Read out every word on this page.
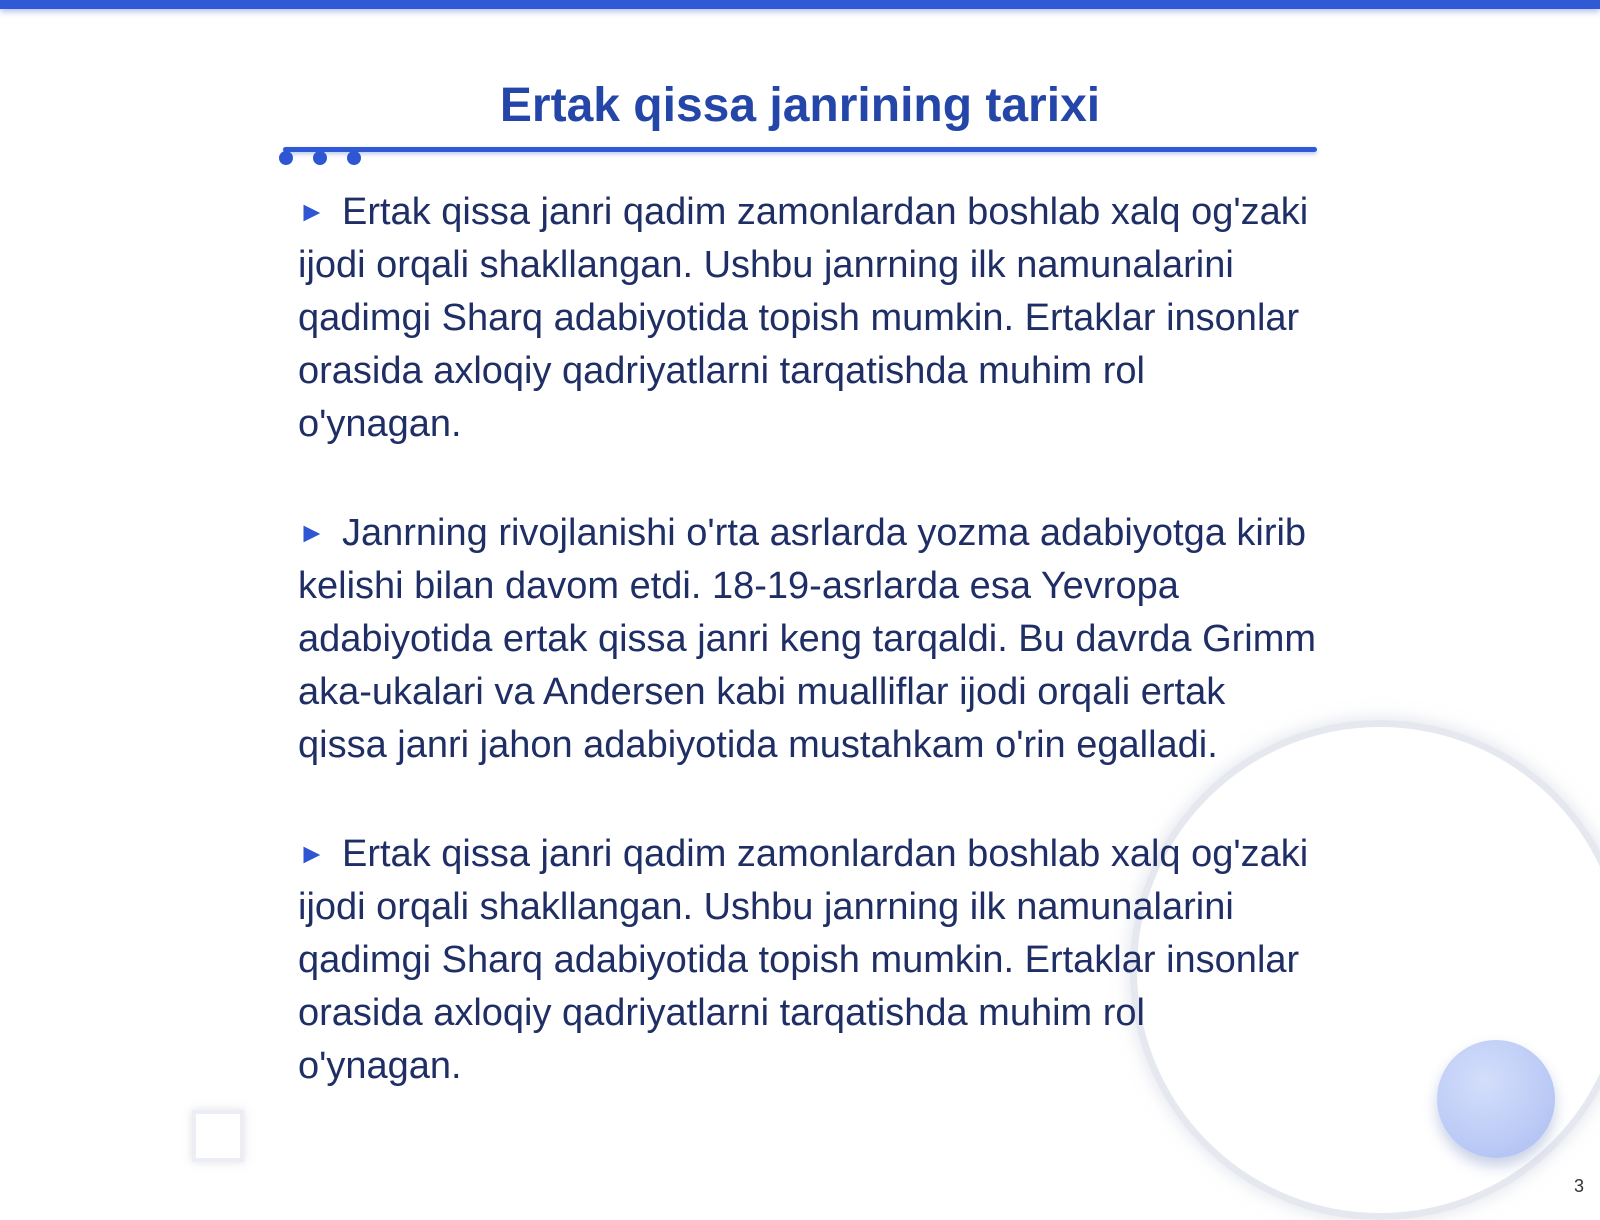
Ertak qissa janrining tarixi

► Ertak qissa janri qadim zamonlardan boshlab xalq og'zaki ijodi orqali shakllangan. Ushbu janrning ilk namunalarini qadimgi Sharq adabiyotida topish mumkin. Ertaklar insonlar orasida axloqiy qadriyatlarni tarqatishda muhim rol o'ynagan.

► Janrning rivojlanishi o'rta asrlarda yozma adabiyotga kirib kelishi bilan davom etdi. 18-19-asrlarda esa Yevropa adabiyotida ertak qissa janri keng tarqaldi. Bu davrda Grimm aka-ukalari va Andersen kabi mualliflar ijodi orqali ertak qissa janri jahon adabiyotida mustahkam o'rin egalladi.

► Ertak qissa janri qadim zamonlardan boshlab xalq og'zaki ijodi orqali shakllangan. Ushbu janrning ilk namunalarini qadimgi Sharq adabiyotida topish mumkin. Ertaklar insonlar orasida axloqiy qadriyatlarni tarqatishda muhim rol o'ynagan.

3
